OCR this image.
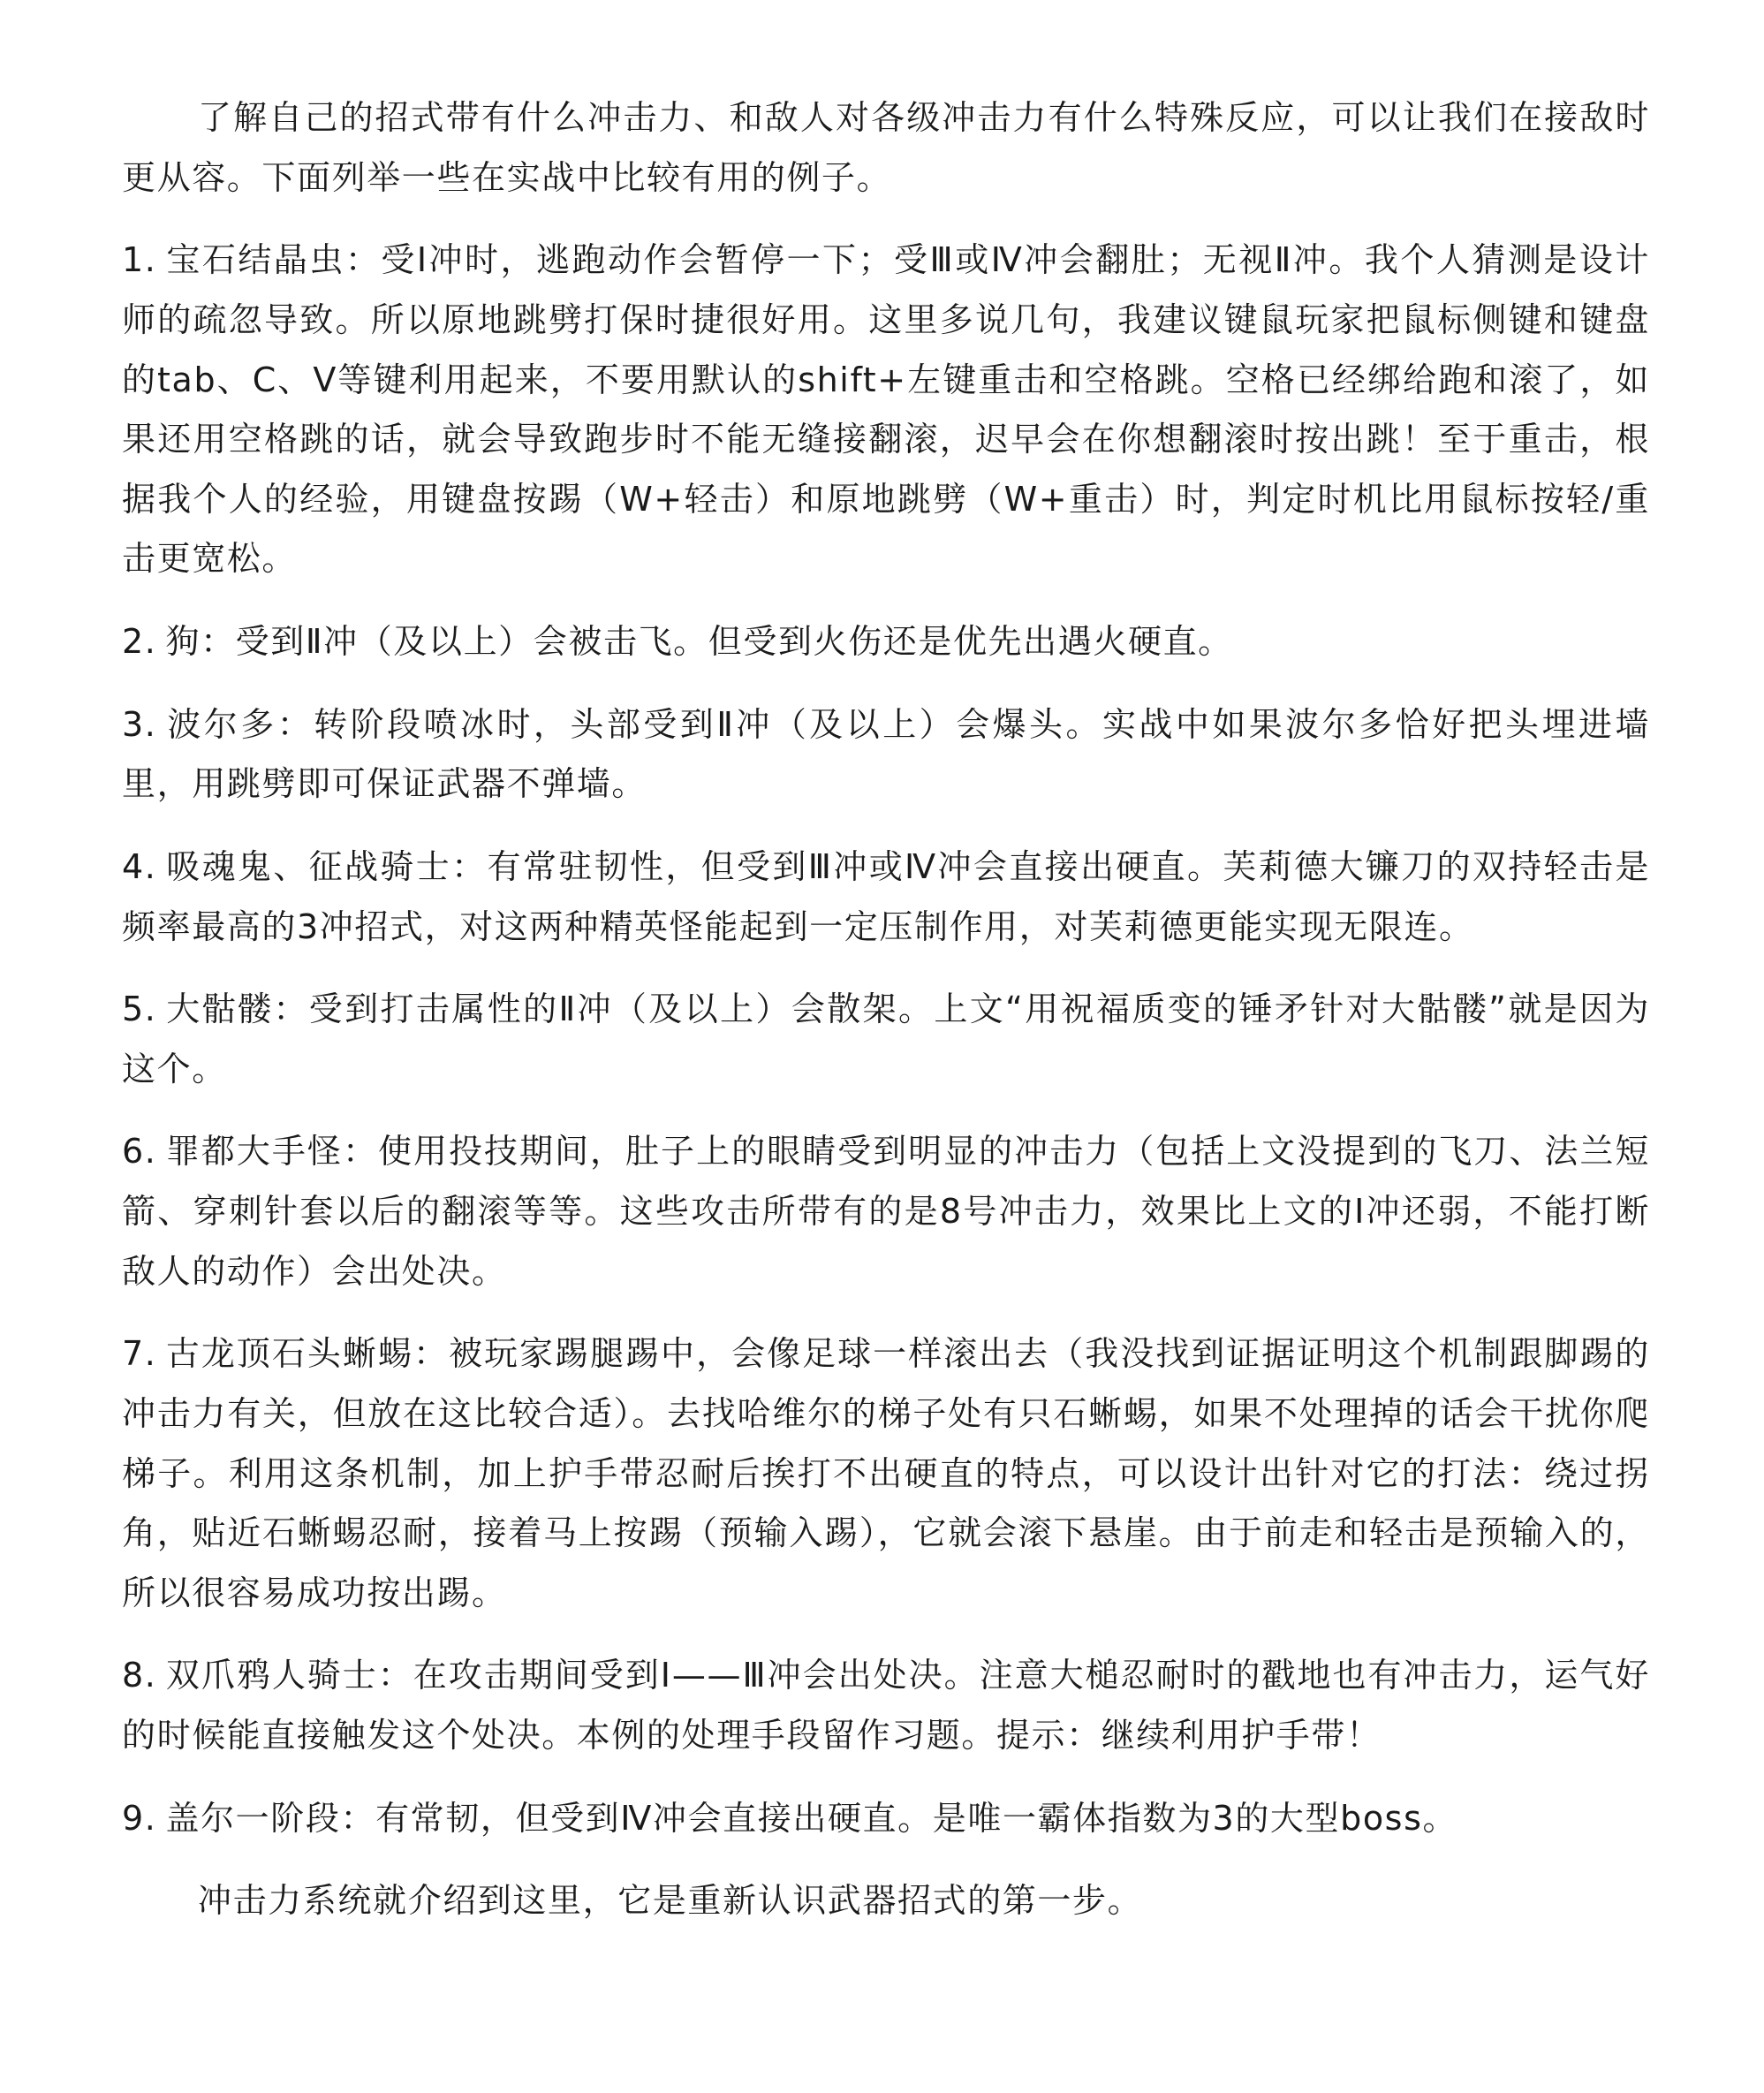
了解自己的招式带有什么冲击力、和敌人对各级冲击力有什么特殊反应，可以让我们在接敌时更从容。下面列举一些在实战中比较有用的例子。

1. 宝石结晶虫：受Ⅰ冲时，逃跑动作会暂停一下；受Ⅲ或Ⅳ冲会翻肚；无视Ⅱ冲。我个人猜测是设计师的疏忽导致。所以原地跳劈打保时捷很好用。这里多说几句，我建议键鼠玩家把鼠标侧键和键盘的tab、C、V等键利用起来，不要用默认的shift+左键重击和空格跳。空格已经绑给跑和滚了，如果还用空格跳的话，就会导致跑步时不能无缝接翻滚，迟早会在你想翻滚时按出跳！至于重击，根据我个人的经验，用键盘按踢（W+轻击）和原地跳劈（W+重击）时，判定时机比用鼠标按轻/重击更宽松。
2. 狗：受到Ⅱ冲（及以上）会被击飞。但受到火伤还是优先出遇火硬直。
3. 波尔多：转阶段喷冰时，头部受到Ⅱ冲（及以上）会爆头。实战中如果波尔多恰好把头埋进墙里，用跳劈即可保证武器不弹墙。
4. 吸魂鬼、征战骑士：有常驻韧性，但受到Ⅲ冲或Ⅳ冲会直接出硬直。芙莉德大镰刀的双持轻击是频率最高的3冲招式，对这两种精英怪能起到一定压制作用，对芙莉德更能实现无限连。
5. 大骷髅：受到打击属性的Ⅱ冲（及以上）会散架。上文“用祝福质变的锤矛针对大骷髅”就是因为这个。
6. 罪都大手怪：使用投技期间，肚子上的眼睛受到明显的冲击力（包括上文没提到的飞刀、法兰短箭、穿刺针套以后的翻滚等等。这些攻击所带有的是8号冲击力，效果比上文的Ⅰ冲还弱，不能打断敌人的动作）会出处决。
7. 古龙顶石头蜥蜴：被玩家踢腿踢中，会像足球一样滚出去（我没找到证据证明这个机制跟脚踢的冲击力有关，但放在这比较合适）。去找哈维尔的梯子处有只石蜥蜴，如果不处理掉的话会干扰你爬梯子。利用这条机制，加上护手带忍耐后挨打不出硬直的特点，可以设计出针对它的打法：绕过拐角，贴近石蜥蜴忍耐，接着马上按踢（预输入踢），它就会滚下悬崖。由于前走和轻击是预输入的，所以很容易成功按出踢。
8. 双爪鸦人骑士：在攻击期间受到Ⅰ——Ⅲ冲会出处决。注意大槌忍耐时的戳地也有冲击力，运气好的时候能直接触发这个处决。本例的处理手段留作习题。提示：继续利用护手带！
9. 盖尔一阶段：有常韧，但受到Ⅳ冲会直接出硬直。是唯一霸体指数为3的大型boss。

冲击力系统就介绍到这里，它是重新认识武器招式的第一步。
